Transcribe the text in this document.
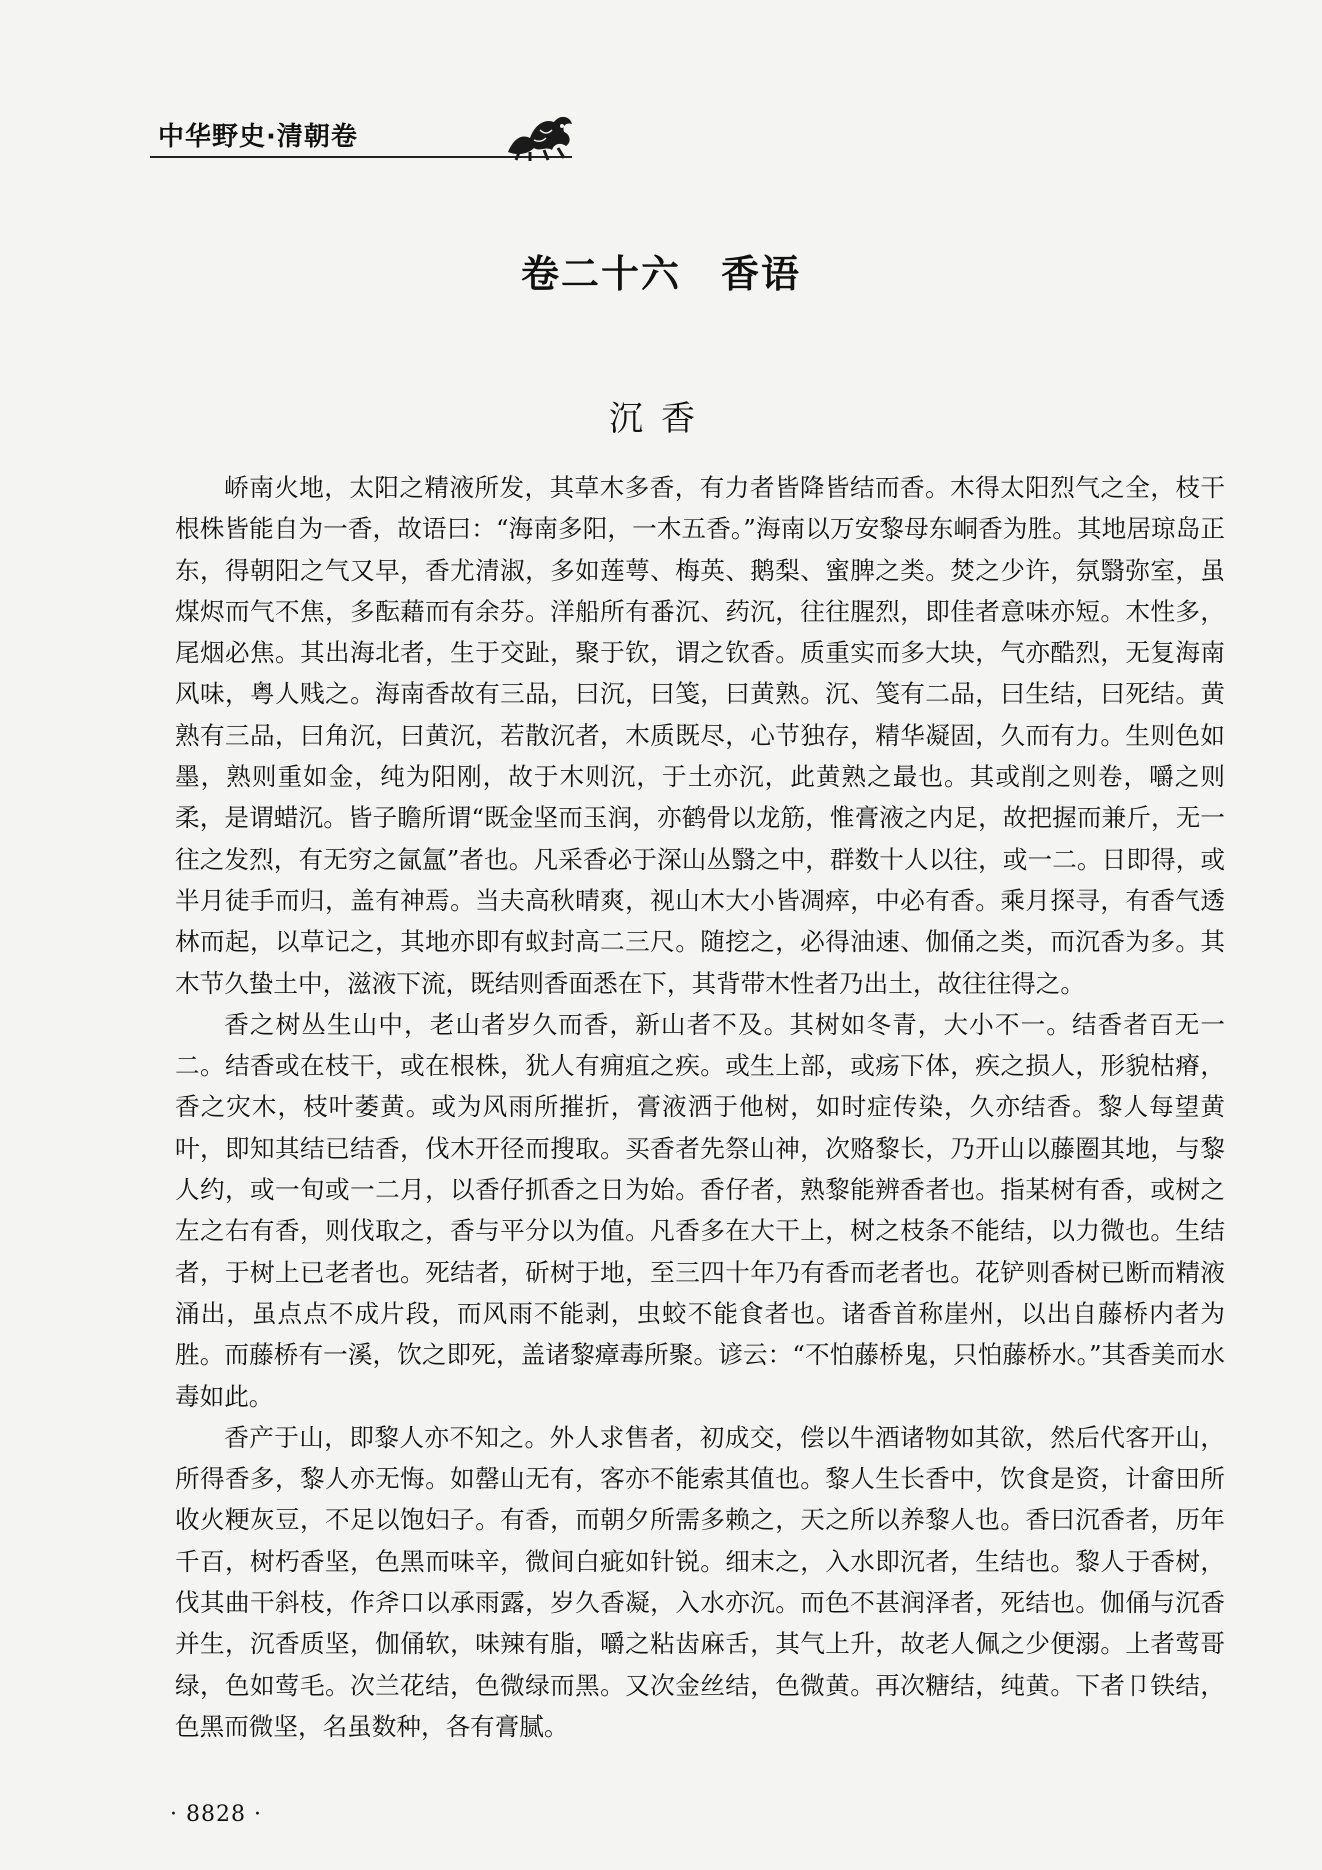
中华野史·清朝卷
卷二十六　香语
沉香

峤南火地，太阳之精液所发，其草木多香，有力者皆降皆结而香。木得太阳烈气之全，枝干根株皆能自为一香，故语曰：“海南多阳，一木五香。”海南以万安黎母东峒香为胜。其地居琼岛正东，得朝阳之气又早，香尤清淑，多如莲萼、梅英、鹅梨、蜜脾之类。焚之少许，氛翳弥室，虽煤烬而气不焦，多酝藉而有余芬。洋船所有番沉、药沉，往往腥烈，即佳者意味亦短。木性多，尾烟必焦。其出海北者，生于交趾，聚于钦，谓之钦香。质重实而多大块，气亦酷烈，无复海南风味，粤人贱之。海南香故有三品，曰沉，曰笺，曰黄熟。沉、笺有二品，曰生结，曰死结。黄熟有三品，曰角沉，曰黄沉，若散沉者，木质既尽，心节独存，精华凝固，久而有力。生则色如墨，熟则重如金，纯为阳刚，故于木则沉，于土亦沉，此黄熟之最也。其或削之则卷，嚼之则柔，是谓蜡沉。皆子瞻所谓“既金坚而玉润，亦鹤骨以龙筋，惟膏液之内足，故把握而兼斤，无一往之发烈，有无穷之氤氲”者也。凡采香必于深山丛翳之中，群数十人以往，或一二。日即得，或半月徒手而归，盖有神焉。当夫高秋晴爽，视山木大小皆凋瘁，中必有香。乘月探寻，有香气透林而起，以草记之，其地亦即有蚁封高二三尺。随挖之，必得油速、伽俑之类，而沉香为多。其木节久蛰土中，滋液下流，既结则香面悉在下，其背带木性者乃出土，故往往得之。

香之树丛生山中，老山者岁久而香，新山者不及。其树如冬青，大小不一。结香者百无一二。结香或在枝干，或在根株，犹人有痈疽之疾。或生上部，或疡下体，疾之损人，形貌枯瘠，香之灾木，枝叶萎黄。或为风雨所摧折，膏液洒于他树，如时症传染，久亦结香。黎人每望黄叶，即知其结已结香，伐木开径而搜取。买香者先祭山神，次赂黎长，乃开山以藤圈其地，与黎人约，或一旬或一二月，以香仔抓香之日为始。香仔者，熟黎能辨香者也。指某树有香，或树之左之右有香，则伐取之，香与平分以为值。凡香多在大干上，树之枝条不能结，以力微也。生结者，于树上已老者也。死结者，斫树于地，至三四十年乃有香而老者也。花铲则香树已断而精液涌出，虽点点不成片段，而风雨不能剥，虫蛟不能食者也。诸香首称崖州，以出自藤桥内者为胜。而藤桥有一溪，饮之即死，盖诸黎瘴毒所聚。谚云：“不怕藤桥鬼，只怕藤桥水。”其香美而水毒如此。

香产于山，即黎人亦不知之。外人求售者，初成交，偿以牛酒诸物如其欲，然后代客开山，所得香多，黎人亦无悔。如罄山无有，客亦不能索其值也。黎人生长香中，饮食是资，计畲田所收火粳灰豆，不足以饱妇子。有香，而朝夕所需多赖之，天之所以养黎人也。香曰沉香者，历年千百，树朽香坚，色黑而味辛，微间白疵如针锐。细末之，入水即沉者，生结也。黎人于香树，伐其曲干斜枝，作斧口以承雨露，岁久香凝，入水亦沉。而色不甚润泽者，死结也。伽俑与沉香并生，沉香质坚，伽俑软，味辣有脂，嚼之粘齿麻舌，其气上升，故老人佩之少便溺。上者莺哥绿，色如莺毛。次兰花结，色微绿而黑。又次金丝结，色微黄。再次糖结，纯黄。下者卩铁结，色黑而微坚，名虽数种，各有膏腻。

· 8828 ·
